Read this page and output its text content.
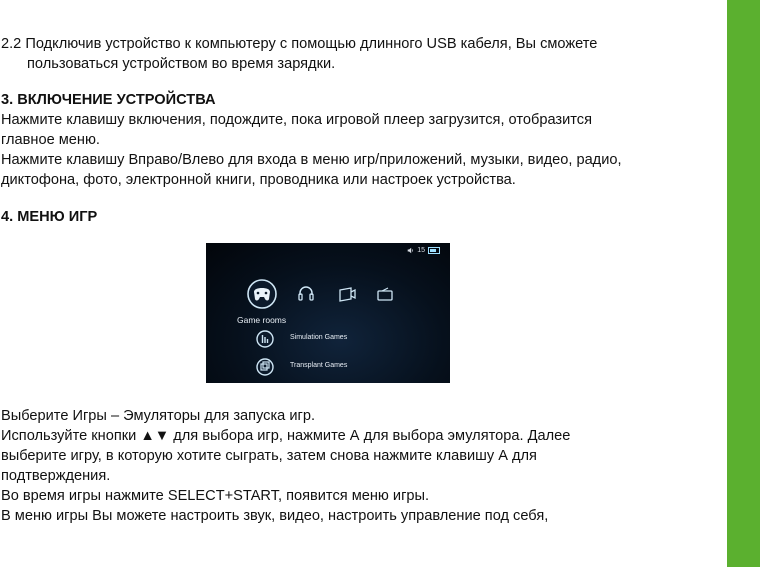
2.2 Подключив устройство к компьютеру с помощью длинного USB кабеля, Вы сможете
пользоваться устройством во время зарядки.
3. ВКЛЮЧЕНИЕ УСТРОЙСТВА
Нажмите клавишу включения, подождите, пока игровой плеер загрузится, отобразится
главное меню.
Нажмите клавишу Вправо/Влево для входа в меню игр/приложений, музыки, видео, радио,
диктофона, фото, электронной книги, проводника или настроек устройства.
4. МЕНЮ ИГР
15
Game rooms
Simulation Games
Transplant Games
Выберите Игры – Эмуляторы для запуска игр.
Используйте кнопки ▲▼ для выбора игр, нажмите А для выбора эмулятора. Далее
выберите игру, в которую хотите сыграть, затем снова нажмите клавишу А для
подтверждения.
Во время игры нажмите SELECT+START, появится меню игры.
В меню игры Вы можете настроить звук, видео, настроить управление под себя,
